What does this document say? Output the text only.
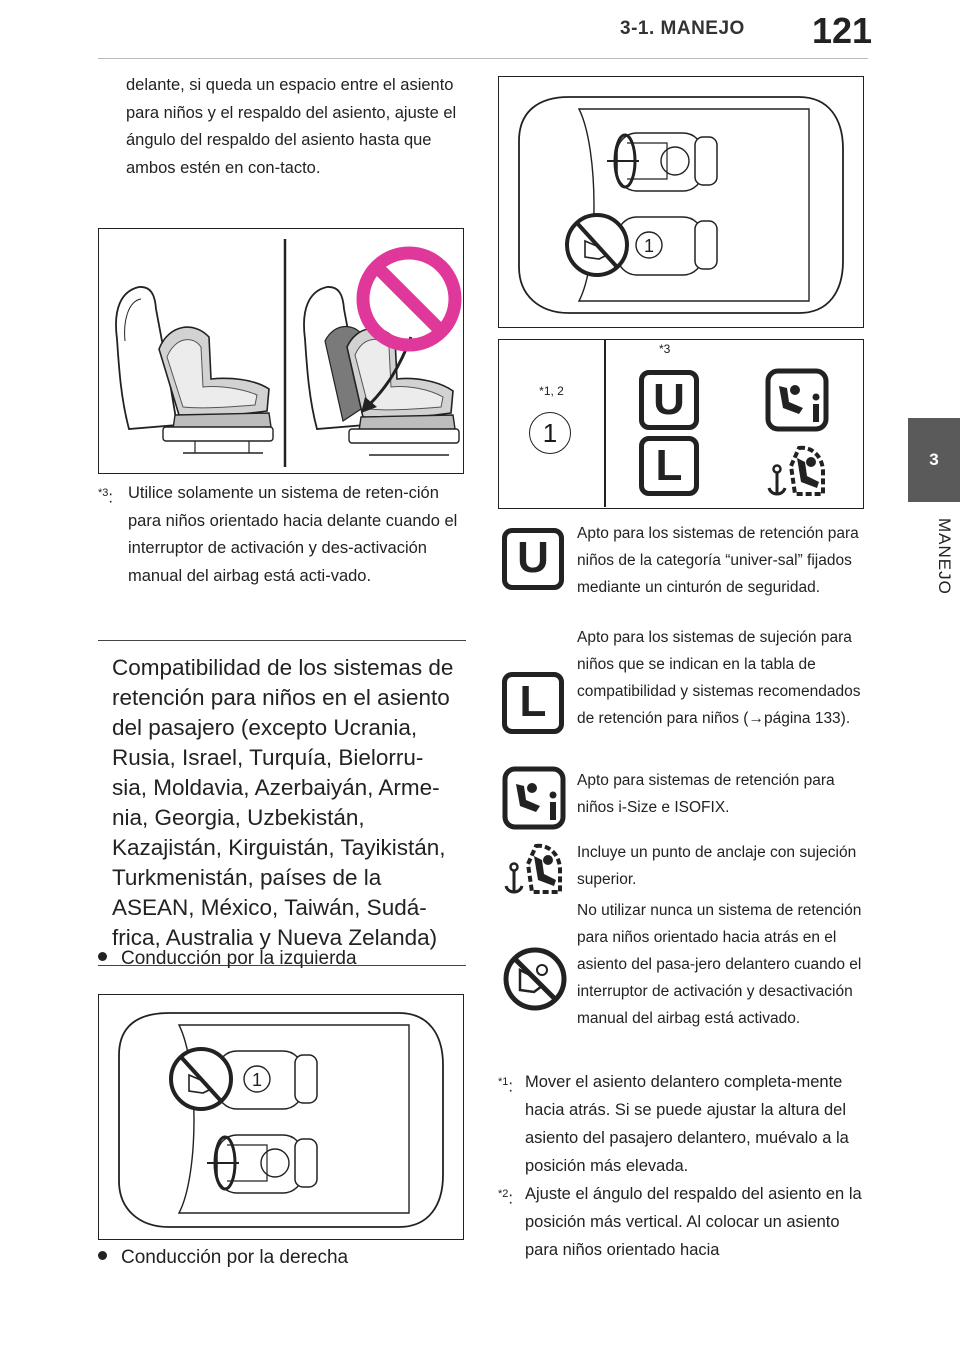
3-1. MANEJO 121
3
MANEJO
delante, si queda un espacio entre el asiento para niños y el respaldo del asiento, ajuste el ángulo del respaldo del asiento hasta que ambos estén en con-tacto.
$^{*3}$: Utilice solamente un sistema de reten-ción para niños orientado hacia delante cuando el interruptor de activación y des-activación manual del airbag está acti-vado.
Compatibilidad de los sistemas de retención para niños en el asiento del pasajero (excepto Ucrania, Rusia, Israel, Turquía, Bielorru-sia, Moldavia, Azerbaiyán, Arme-nia, Georgia, Uzbekistán, Kazajistán, Kirguistán, Tayikistán, Turkmenistán, países de la ASEAN, México, Taiwán, Sudá-frica, Australia y Nueva Zelanda)
Conducción por la izquierda
1
Conducción por la derecha
1
*1, 2
*3
1
U
L
U	Apto para los sistemas de retención para niños de la categoría “univer-sal” fijados mediante un cinturón de seguridad.
L
Apto para los sistemas de sujeción para niños que se indican en la tabla de compatibilidad y sistemas recomendados de retención para niños (→página 133).
Apto para sistemas de retención para niños i-Size e ISOFIX.
Incluye un punto de anclaje con sujeción superior.
No utilizar nunca un sistema de retención para niños orientado hacia atrás en el asiento del pasa-jero delantero cuando el interruptor de activación y desactivación manual del airbag está activado.
$^{*1}$: Mover el asiento delantero completa-mente hacia atrás. Si se puede ajustar la altura del asiento del pasajero delantero, muévalo a la posición más elevada.
$^{*2}$: Ajuste el ángulo del respaldo del asiento en la posición más vertical. Al colocar un asiento para niños orientado hacia
